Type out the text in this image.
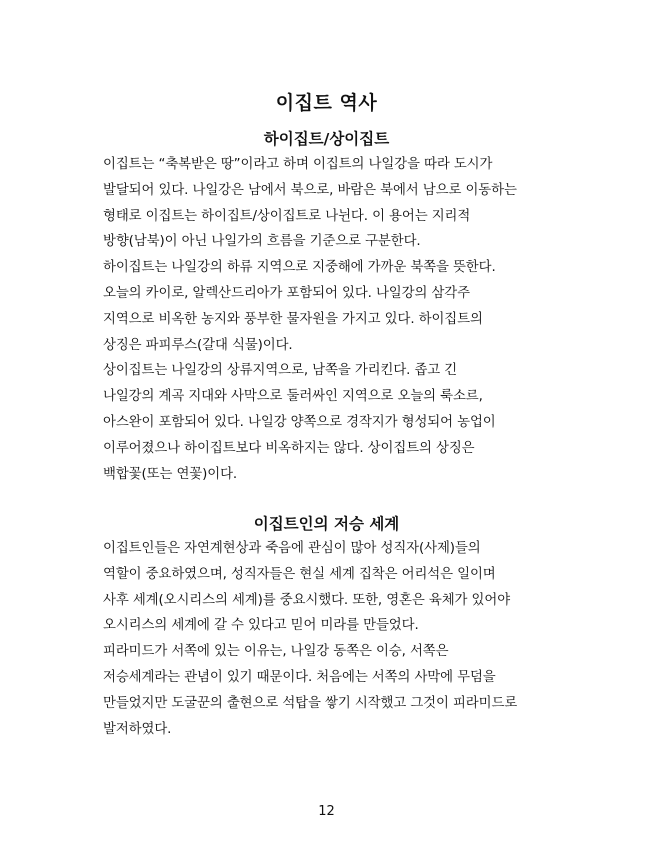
이집트 역사
하이집트/상이집트
이집트는 “축복받은 땅”이라고 하며 이집트의 나일강을 따라 도시가
발달되어 있다. 나일강은 남에서 북으로, 바람은 북에서 남으로 이동하는
형태로 이집트는 하이집트/상이집트로 나뉜다. 이 용어는 지리적
방향(남북)이 아닌 나일가의 흐름을 기준으로 구분한다.
하이집트는 나일강의 하류 지역으로 지중해에 가까운 북쪽을 뜻한다.
오늘의 카이로, 알렉산드리아가 포함되어 있다. 나일강의 삼각주
지역으로 비옥한 농지와 풍부한 물자원을 가지고 있다. 하이집트의
상징은 파피루스(갈대 식물)이다.
상이집트는 나일강의 상류지역으로, 남쪽을 가리킨다. 좁고 긴
나일강의 계곡 지대와 사막으로 둘러싸인 지역으로 오늘의 룩소르,
아스완이 포함되어 있다. 나일강 양쪽으로 경작지가 형성되어 농업이
이루어졌으나 하이집트보다 비옥하지는 않다. 상이집트의 상징은
백합꽃(또는 연꽃)이다.
이집트인의 저승 세계
이집트인들은 자연계현상과 죽음에 관심이 많아 성직자(사제)들의
역할이 중요하였으며, 성직자들은 현실 세계 집착은 어리석은 일이며
사후 세계(오시리스의 세계)를 중요시했다. 또한, 영혼은 육체가 있어야
오시리스의 세계에 갈 수 있다고 믿어 미라를 만들었다.
피라미드가 서쪽에 있는 이유는, 나일강 동쪽은 이승, 서쪽은
저승세계라는 관념이 있기 때문이다. 처음에는 서쪽의 사막에 무덤을
만들었지만 도굴꾼의 출현으로 석탑을 쌓기 시작했고 그것이 피라미드로
발저하였다.
12
